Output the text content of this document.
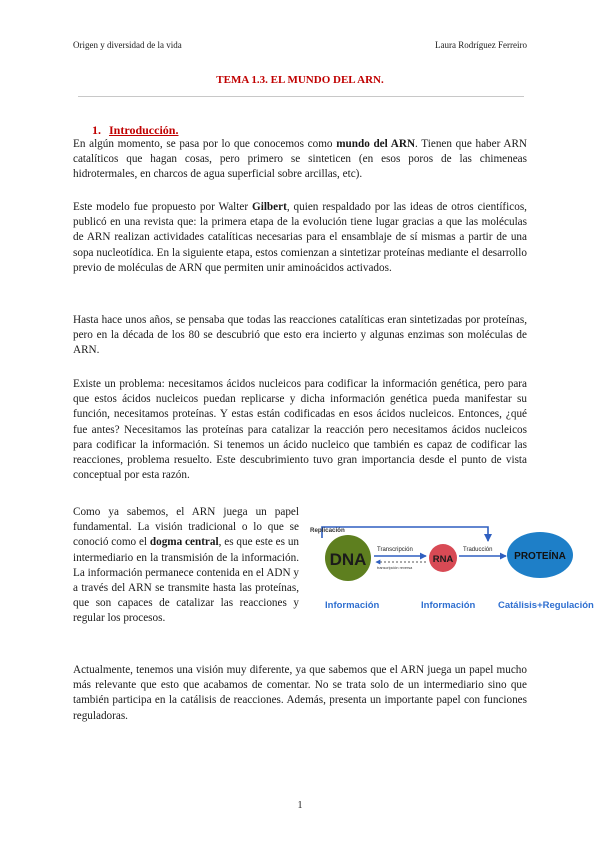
Origen y diversidad de la vida	Laura Rodríguez Ferreiro
TEMA 1.3. EL MUNDO DEL ARN.
1. Introducción.

En algún momento, se pasa por lo que conocemos como mundo del ARN. Tienen que haber ARN catalíticos que hagan cosas, pero primero se sinteticen (en esos poros de las chimeneas hidrotermales, en charcos de agua superficial sobre arcillas, etc).

Este modelo fue propuesto por Walter Gilbert, quien respaldado por las ideas de otros científicos, publicó en una revista que: la primera etapa de la evolución tiene lugar gracias a que las moléculas de ARN realizan actividades catalíticas necesarias para el ensamblaje de sí mismas a partir de una sopa nucleotídica. En la siguiente etapa, estos comienzan a sintetizar proteínas mediante el desarrollo previo de moléculas de ARN que permiten unir aminoácidos activados.

Hasta hace unos años, se pensaba que todas las reacciones catalíticas eran sintetizadas por proteínas, pero en la década de los 80 se descubrió que esto era incierto y algunas enzimas son moléculas de ARN.

Existe un problema: necesitamos ácidos nucleicos para codificar la información genética, pero para que estos ácidos nucleicos puedan replicarse y dicha información genética pueda manifestar su función, necesitamos proteínas. Y estas están codificadas en esos ácidos nucleicos. Entonces, ¿qué fue antes? Necesitamos las proteínas para catalizar la reacción pero necesitamos ácidos nucleicos para codificar la información. Si tenemos un ácido nucleico que también es capaz de codificar las reacciones, problema resuelto. Este descubrimiento tuvo gran importancia desde el punto de vista conceptual por esta razón.

Como ya sabemos, el ARN juega un papel fundamental. La visión tradicional o lo que se conoció como el dogma central, es que este es un intermediario en la transmisión de la información. La información permanece contenida en el ADN y a través del ARN se transmite hasta las proteínas, que son capaces de catalizar las reacciones y regular los procesos.

Replicación
DNA Transcripción
transcripción reversa
RNA
Traducción
PROTEÍNA
Información	Información Catálisis+Regulación

Actualmente, tenemos una visión muy diferente, ya que sabemos que el ARN juega un papel mucho más relevante que esto que acabamos de comentar. No se trata solo de un intermediario sino que también participa en la catálisis de reacciones. Además, presenta un importante papel con funciones reguladoras.

1
